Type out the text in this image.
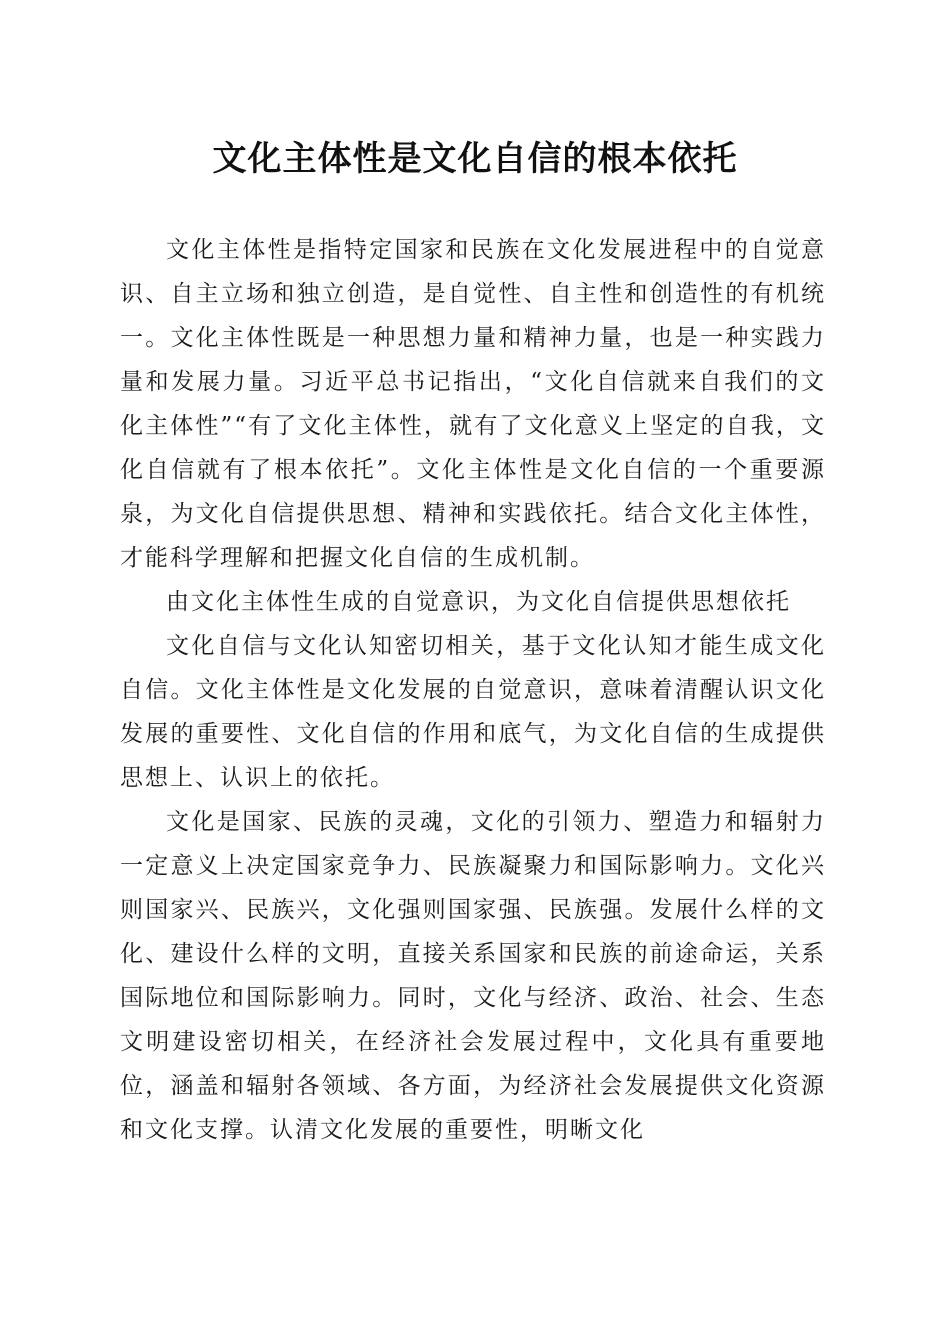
文化主体性是文化自信的根本依托

文化主体性是指特定国家和民族在文化发展进程中的自觉意识、自主立场和独立创造，是自觉性、自主性和创造性的有机统一。文化主体性既是一种思想力量和精神力量，也是一种实践力量和发展力量。习近平总书记指出，“文化自信就来自我们的文化主体性”“有了文化主体性，就有了文化意义上坚定的自我，文化自信就有了根本依托”。文化主体性是文化自信的一个重要源泉，为文化自信提供思想、精神和实践依托。结合文化主体性，才能科学理解和把握文化自信的生成机制。

由文化主体性生成的自觉意识，为文化自信提供思想依托

文化自信与文化认知密切相关，基于文化认知才能生成文化自信。文化主体性是文化发展的自觉意识，意味着清醒认识文化发展的重要性、文化自信的作用和底气，为文化自信的生成提供思想上、认识上的依托。

文化是国家、民族的灵魂，文化的引领力、塑造力和辐射力一定意义上决定国家竞争力、民族凝聚力和国际影响力。文化兴则国家兴、民族兴，文化强则国家强、民族强。发展什么样的文化、建设什么样的文明，直接关系国家和民族的前途命运，关系国际地位和国际影响力。同时，文化与经济、政治、社会、生态文明建设密切相关，在经济社会发展过程中，文化具有重要地位，涵盖和辐射各领域、各方面，为经济社会发展提供文化资源和文化支撑。认清文化发展的重要性，明晰文化
